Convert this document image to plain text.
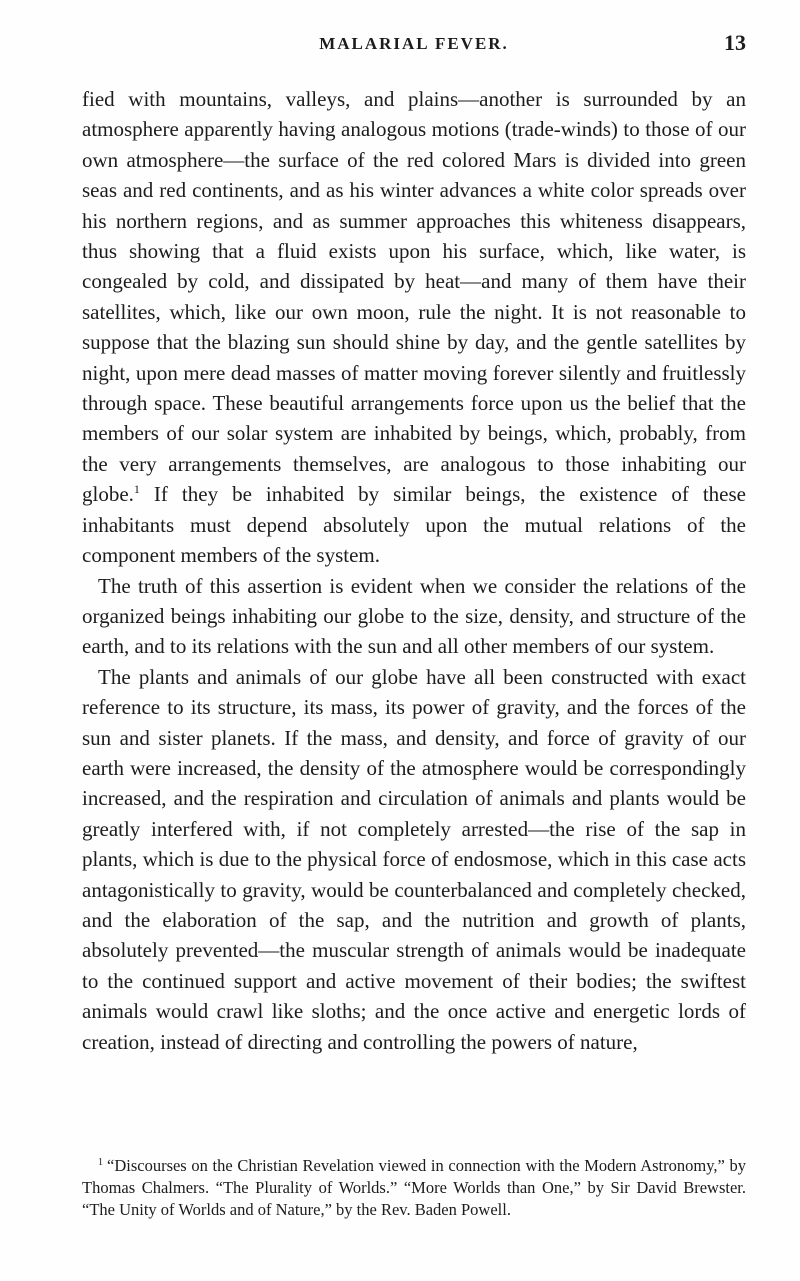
MALARIAL FEVER.	13

fied with mountains, valleys, and plains—another is surrounded by an atmosphere apparently having analogous motions (trade-winds) to those of our own atmosphere—the surface of the red colored Mars is divided into green seas and red continents, and as his winter advances a white color spreads over his northern regions, and as summer approaches this whiteness disappears, thus showing that a fluid exists upon his surface, which, like water, is congealed by cold, and dissipated by heat—and many of them have their satellites, which, like our own moon, rule the night. It is not reasonable to suppose that the blazing sun should shine by day, and the gentle satellites by night, upon mere dead masses of matter moving forever silently and fruitlessly through space. These beautiful arrangements force upon us the belief that the members of our solar system are inhabited by beings, which, probably, from the very arrangements themselves, are analogous to those inhabiting our globe.$^1$ If they be inhabited by similar beings, the existence of these inhabitants must depend absolutely upon the mutual relations of the component members of the system.

The truth of this assertion is evident when we consider the relations of the organized beings inhabiting our globe to the size, density, and structure of the earth, and to its relations with the sun and all other members of our system.

The plants and animals of our globe have all been constructed with exact reference to its structure, its mass, its power of gravity, and the forces of the sun and sister planets. If the mass, and density, and force of gravity of our earth were increased, the density of the atmosphere would be correspondingly increased, and the respiration and circulation of animals and plants would be greatly interfered with, if not completely arrested—the rise of the sap in plants, which is due to the physical force of endosmose, which in this case acts antagonistically to gravity, would be counterbalanced and completely checked, and the elaboration of the sap, and the nutrition and growth of plants, absolutely prevented—the muscular strength of animals would be inadequate to the continued support and active movement of their bodies; the swiftest animals would crawl like sloths; and the once active and energetic lords of creation, instead of directing and controlling the powers of nature,

$^1$ “Discourses on the Christian Revelation viewed in connection with the Modern Astronomy,” by Thomas Chalmers. “The Plurality of Worlds.” “More Worlds than One,” by Sir David Brewster. “The Unity of Worlds and of Nature,” by the Rev. Baden Powell.
